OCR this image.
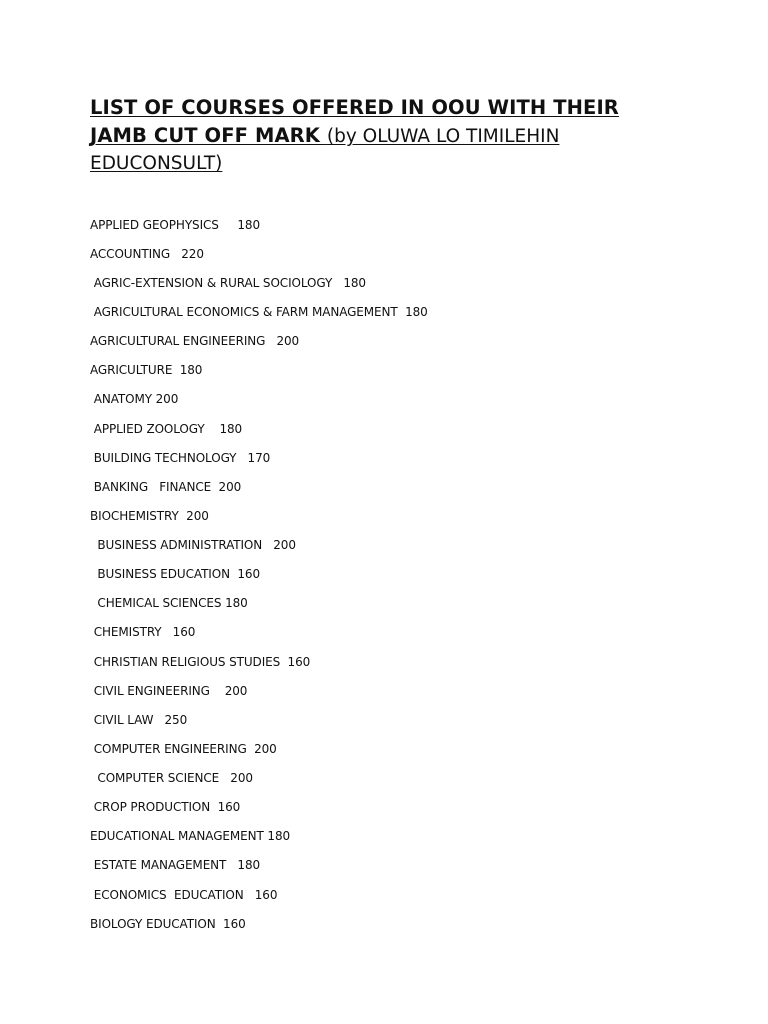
LIST OF COURSES OFFERED IN OOU WITH THEIR
JAMB CUT OFF MARK (by OLUWA LO TIMILEHIN
EDUCONSULT)
APPLIED GEOPHYSICS     180
ACCOUNTING   220
AGRIC-EXTENSION & RURAL SOCIOLOGY   180
AGRICULTURAL ECONOMICS & FARM MANAGEMENT  180
AGRICULTURAL ENGINEERING   200
AGRICULTURE  180
ANATOMY 200
APPLIED ZOOLOGY    180
BUILDING TECHNOLOGY   170
BANKING   FINANCE  200
BIOCHEMISTRY  200
BUSINESS ADMINISTRATION   200
BUSINESS EDUCATION  160
CHEMICAL SCIENCES 180
CHEMISTRY   160
CHRISTIAN RELIGIOUS STUDIES  160
CIVIL ENGINEERING    200
CIVIL LAW   250
COMPUTER ENGINEERING  200
COMPUTER SCIENCE   200
CROP PRODUCTION  160
EDUCATIONAL MANAGEMENT 180
ESTATE MANAGEMENT   180
ECONOMICS  EDUCATION   160
BIOLOGY EDUCATION  160
